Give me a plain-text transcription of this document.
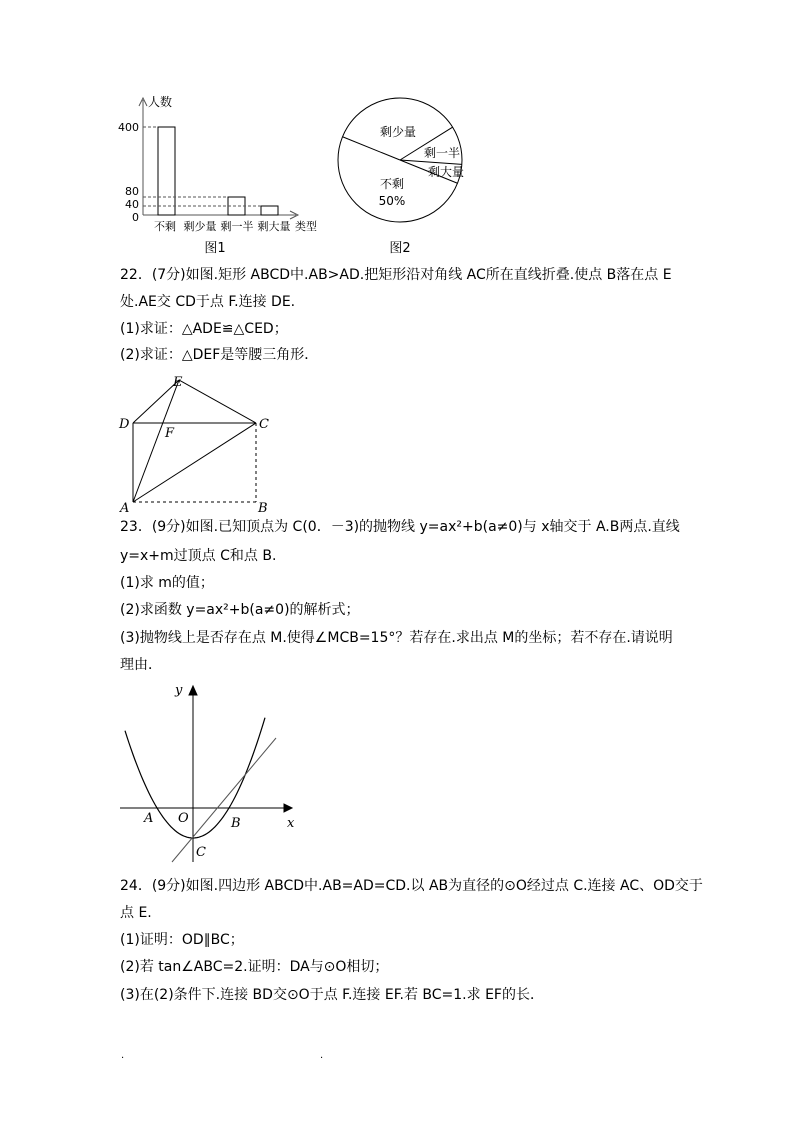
人数
类型
0
40
80
400
不剩 剩少量 剩一半 剩大量
图1
不剩
剩少量
剩一半
剩大量
50%
图2
22．(7分)如图.矩形 ABCD中.AB>AD.把矩形沿对角线 AC所在直线折叠.使点 B落在点 E
处.AE交 CD于点 F.连接 DE.
(1)求证：△ADE≌△CED；
(2)求证：△DEF是等腰三角形．
E
D	C
F
A	B
23．(9分)如图.已知顶点为 C(0．－3)的抛物线 y=ax²+b(a≠0)与 x轴交于 A.B两点.直线
y=x+m过顶点 C和点 B.
(1)求 m的值；
(2)求函数 y=ax²+b(a≠0)的解析式；
(3)抛物线上是否存在点 M.使得∠MCB=15°？若存在.求出点 M的坐标；若不存在.请说明
理由．
y
x
A O	B
C
24．(9分)如图.四边形 ABCD中.AB=AD=CD.以 AB为直径的⊙O经过点 C.连接 AC、OD交于
点 E.
(1)证明：OD∥BC；
(2)若 tan∠ABC=2.证明：DA与⊙O相切；
(3)在(2)条件下.连接 BD交⊙O于点 F.连接 EF.若 BC=1.求 EF的长．
.	.
